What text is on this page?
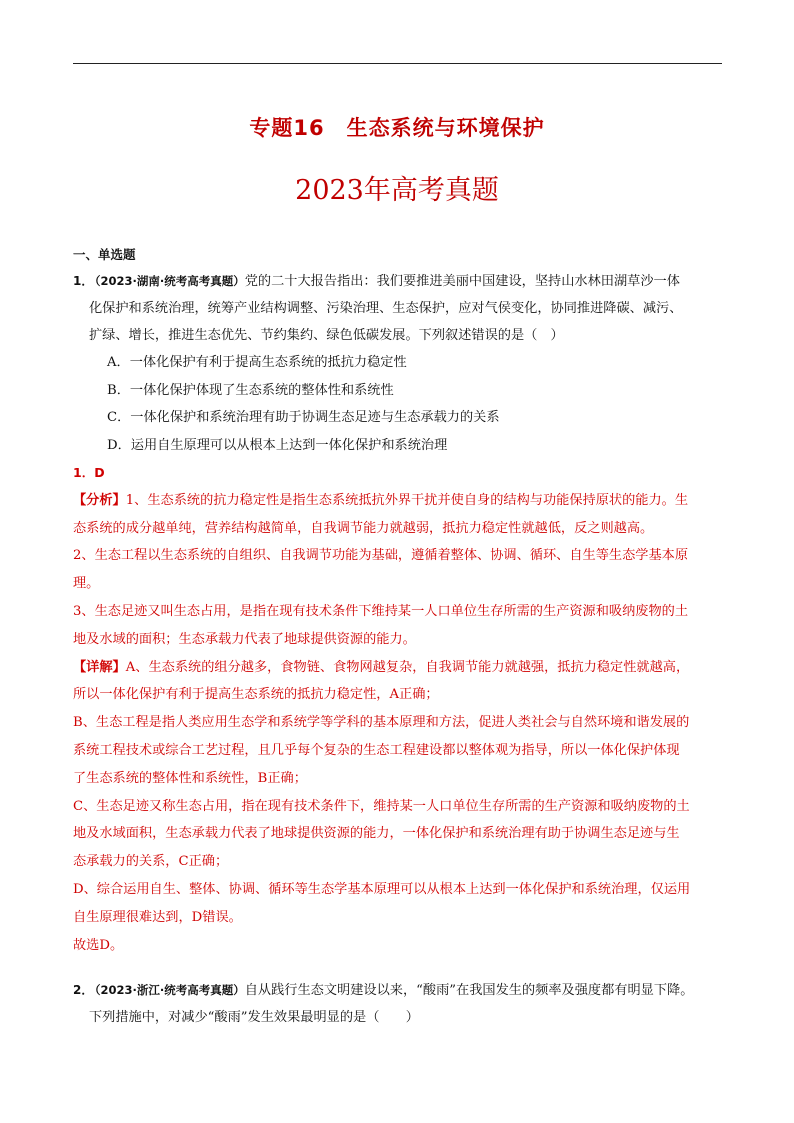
专题16　生态系统与环境保护
2023年高考真题
一、单选题
1．
（2023·湖南·统考高考真题）党的二十大报告指出：我们要推进美丽中国建设，坚持山水林田湖草沙一体
化保护和系统治理，统筹产业结构调整、污染治理、生态保护，应对气侯变化，协同推进降碳、减污、
扩绿、增长，推进生态优先、节约集约、绿色低碳发展。下列叙述错误的是（　）
A．一体化保护有利于提高生态系统的抵抗力稳定性
B．一体化保护体现了生态系统的整体性和系统性
C．一体化保护和系统治理有助于协调生态足迹与生态承载力的关系
D．运用自生原理可以从根本上达到一体化保护和系统治理
1．D
【分析】1、生态系统的抗力稳定性是指生态系统抵抗外界干扰并使自身的结构与功能保持原状的能力。生
态系统的成分越单纯，营养结构越简单，自我调节能力就越弱，抵抗力稳定性就越低，反之则越高。
2、生态工程以生态系统的自组织、自我调节功能为基础，遵循着整体、协调、循环、自生等生态学基本原
理。
3、生态足迹又叫生态占用，是指在现有技术条件下维持某一人口单位生存所需的生产资源和吸纳废物的土
地及水域的面积；生态承载力代表了地球提供资源的能力。
【详解】A、生态系统的组分越多，食物链、食物网越复杂，自我调节能力就越强，抵抗力稳定性就越高，
所以一体化保护有利于提高生态系统的抵抗力稳定性，A正确；
B、生态工程是指人类应用生态学和系统学等学科的基本原理和方法，促进人类社会与自然环境和谐发展的
系统工程技术或综合工艺过程，且几乎每个复杂的生态工程建设都以整体观为指导，所以一体化保护体现
了生态系统的整体性和系统性，B正确；
C、生态足迹又称生态占用，指在现有技术条件下，维持某一人口单位生存所需的生产资源和吸纳废物的土
地及水域面积，生态承载力代表了地球提供资源的能力，一体化保护和系统治理有助于协调生态足迹与生
态承载力的关系，C正确；
D、综合运用自生、整体、协调、循环等生态学基本原理可以从根本上达到一体化保护和系统治理，仅运用
自生原理很难达到，D错误。
故选D。
2．
（2023·浙江·统考高考真题）自从践行生态文明建设以来，“酸雨”在我国发生的频率及强度都有明显下降。
下列措施中，对减少“酸雨”发生效果最明显的是（　　）
